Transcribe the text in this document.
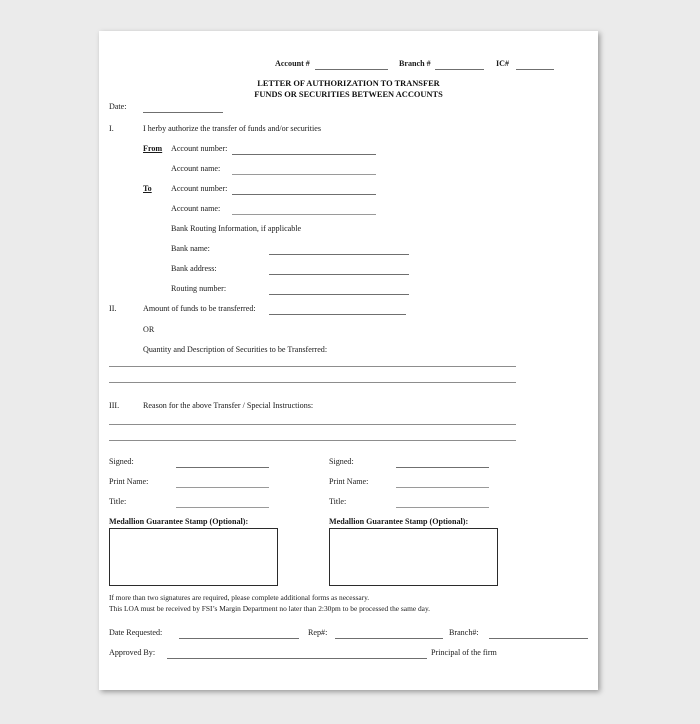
Account #	Branch #	IC#
LETTER OF AUTHORIZATION TO TRANSFER
FUNDS OR SECURITIES BETWEEN ACCOUNTS
Date:
I.	I herby authorize the transfer of funds and/or securities
From Account number:
Account name:
To Account number:
Account name:
Bank Routing Information, if applicable
Bank name:
Bank address:
Routing number:
II.	Amount of funds to be transferred:
OR
Quantity and Description of Securities to be Transferred:
III.	Reason for the above Transfer / Special Instructions:
Signed:
Print Name:
Title:
Medallion Guarantee Stamp (Optional):
Signed:
Print Name:
Title:
Medallion Guarantee Stamp (Optional):
If more than two signatures are required, please complete additional forms as necessary.
This LOA must be received by FSI’s Margin Department no later than 2:30pm to be processed the same day.
Date Requested:	Rep#:	Branch#:
Approved By:	Principal of the firm
